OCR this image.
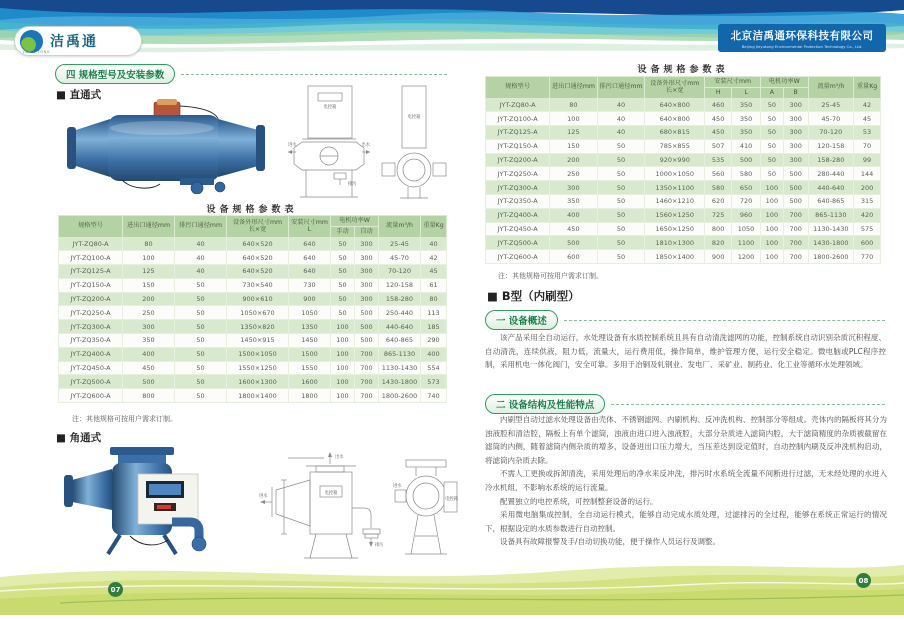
洁禹通
JIE YU TONG
北京洁禹通环保科技有限公司
Beijing Jieyutong Environmental Protection Technology Co., Ltd.
四 规格型号及安装参数
■ 直通式
电控箱
进水	出水
排污
电控箱
设备规格参数表
规格型号	进出口通径mm	排污口通径mm	设备外形尺寸mm
长×宽	安装尺寸mm
L	电机功率W		流量m³/h	重量Kg
					手动	自动		
JYT-ZQ80-A	80	40	640×520	640	50	300	25-45	40
JYT-ZQ100-A	100	40	640×520	640	50	300	45-70	42
JYT-ZQ125-A	125	40	640×520	640	50	300	70-120	45
JYT-ZQ150-A	150	50	730×540	730	50	300	120-158	61
JYT-ZQ200-A	200	50	900×610	900	50	300	158-280	80
JYT-ZQ250-A	250	50	1050×670	1050	50	500	250-440	113
JYT-ZQ300-A	300	50	1350×820	1350	100	500	440-640	185
JYT-ZQ350-A	350	50	1450×915	1450	100	500	640-865	290
JYT-ZQ400-A	400	50	1500×1050	1500	100	700	865-1130	400
JYT-ZQ450-A	450	50	1550×1250	1550	100	700	1130-1430	554
JYT-ZQ500-A	500	50	1600×1300	1600	100	700	1430-1800	573
JYT-ZQ600-A	800	50	1800×1400	1800	100	700	1800-2600	740
注：其他规格可按用户需求订制。
■ 角通式
出水
进水
电控箱
排污
进水
电控箱
设备规格参数表
规格型号	进出口通径mm	排污口通径mm	设备外形尺寸mm
长×宽	安装尺寸mm		电机功率W		流量m³/h	重量Kg
				H	L	A	B		
JYT-ZQ80-A	80	40	640×800	460	350	50	300	25-45	42
JYT-ZQ100-A	100	40	640×800	450	350	50	300	45-70	45
JYT-ZQ125-A	125	40	680×815	450	350	50	300	70-120	53
JYT-ZQ150-A	150	50	785×855	507	410	50	300	120-158	70
JYT-ZQ200-A	200	50	920×990	535	500	50	300	158-280	99
JYT-ZQ250-A	250	50	1000×1050	560	580	50	500	280-440	144
JYT-ZQ300-A	300	50	1350×1100	580	650	100	500	440-640	200
JYT-ZQ350-A	350	50	1460×1210	620	720	100	500	640-865	315
JYT-ZQ400-A	400	50	1560×1250	725	960	100	700	865-1130	420
JYT-ZQ450-A	450	50	1650×1250	800	1050	100	700	1130-1430	575
JYT-ZQ500-A	500	50	1810×1300	820	1100	100	700	1430-1800	600
JYT-ZQ600-A	600	50	1850×1400	900	1200	100	700	1800-2600	770
注：其他规格可按用户需求订制。
■ B型（内刷型）
一 设备概述

该产品采用全自动运行，水处理设备有水质控制系统且具有自动清洗滤网的功能，控制系统自动识别杂质沉积程度、自动清洗，连续供液，阻力低，流量大，运行费用低，操作简单，维护管理方便，运行安全稳定。微电脑或PLC程序控制，采用机电一体化阀门，安全可靠。多用于冶铜及轧钢业、发电厂、采矿业、制药业、化工业等循环水处理领域。

二 设备结构及性能特点

内刷型自动过滤水处理设备由壳体、不锈钢滤网、内刷机构、反冲洗机构、控制部分等组成。壳体内的隔板将其分为浊液腔和清洁腔，隔板上有单个滤筒，浊液由进口进入浊液腔，大部分杂质进入滤筒内腔，大于滤筒精度的杂质被截留在滤筒的内侧，随着滤筒内侧杂质的增多，设备进出口压力增大，当压差达到设定值时，自动控制内刷及反冲洗机构启动，将滤筒内杂质去除。

不需人工更换或拆卸清洗，采用处理后的净水来反冲洗，排污时水系统全流量不间断进行过滤，无未经处理的水进入冷水机组，不影响水系统的运行流量。

配置独立的电控系统，可控制整套设备的运行。

采用微电脑集成控制，全自动运行模式，能够自动完成水质处理，过滤排污的全过程，能够在系统正常运行的情况下，根据设定的水质参数进行自动控制。

设备具有故障报警及手/自动切换功能，便于操作人员运行及调整。

07
08
